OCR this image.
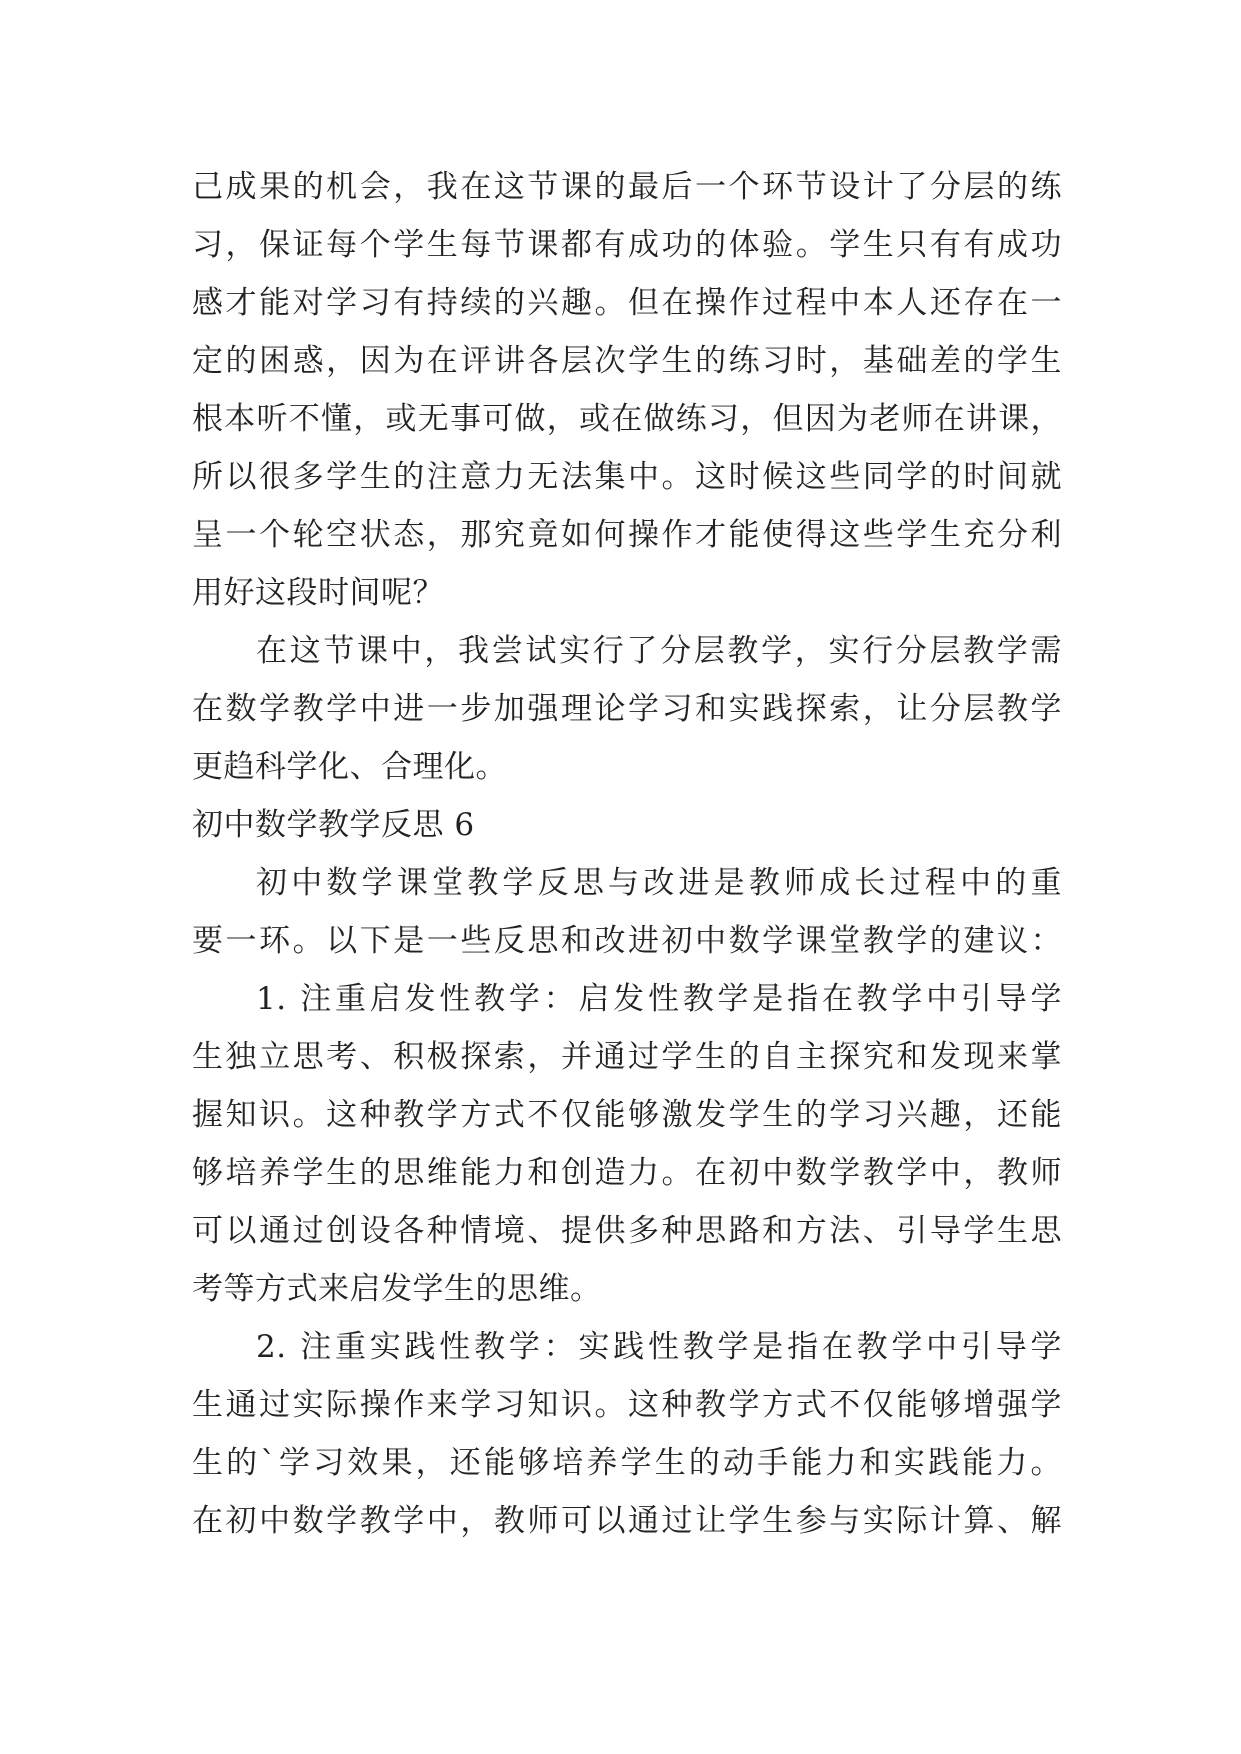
己成果的机会，我在这节课的最后一个环节设计了分层的练
习，保证每个学生每节课都有成功的体验。学生只有有成功
感才能对学习有持续的兴趣。但在操作过程中本人还存在一
定的困惑，因为在评讲各层次学生的练习时，基础差的学生
根本听不懂，或无事可做，或在做练习，但因为老师在讲课，
所以很多学生的注意力无法集中。这时候这些同学的时间就
呈一个轮空状态，那究竟如何操作才能使得这些学生充分利
用好这段时间呢？
在这节课中，我尝试实行了分层教学，实行分层教学需
在数学教学中进一步加强理论学习和实践探索，让分层教学
更趋科学化、合理化。
初中数学教学反思 6
初中数学课堂教学反思与改进是教师成长过程中的重
要一环。以下是一些反思和改进初中数学课堂教学的建议：
1. 注重启发性教学：启发性教学是指在教学中引导学
生独立思考、积极探索，并通过学生的自主探究和发现来掌
握知识。这种教学方式不仅能够激发学生的学习兴趣，还能
够培养学生的思维能力和创造力。在初中数学教学中，教师
可以通过创设各种情境、提供多种思路和方法、引导学生思
考等方式来启发学生的思维。
2. 注重实践性教学：实践性教学是指在教学中引导学
生通过实际操作来学习知识。这种教学方式不仅能够增强学
生的`学习效果，还能够培养学生的动手能力和实践能力。
在初中数学教学中，教师可以通过让学生参与实际计算、解
